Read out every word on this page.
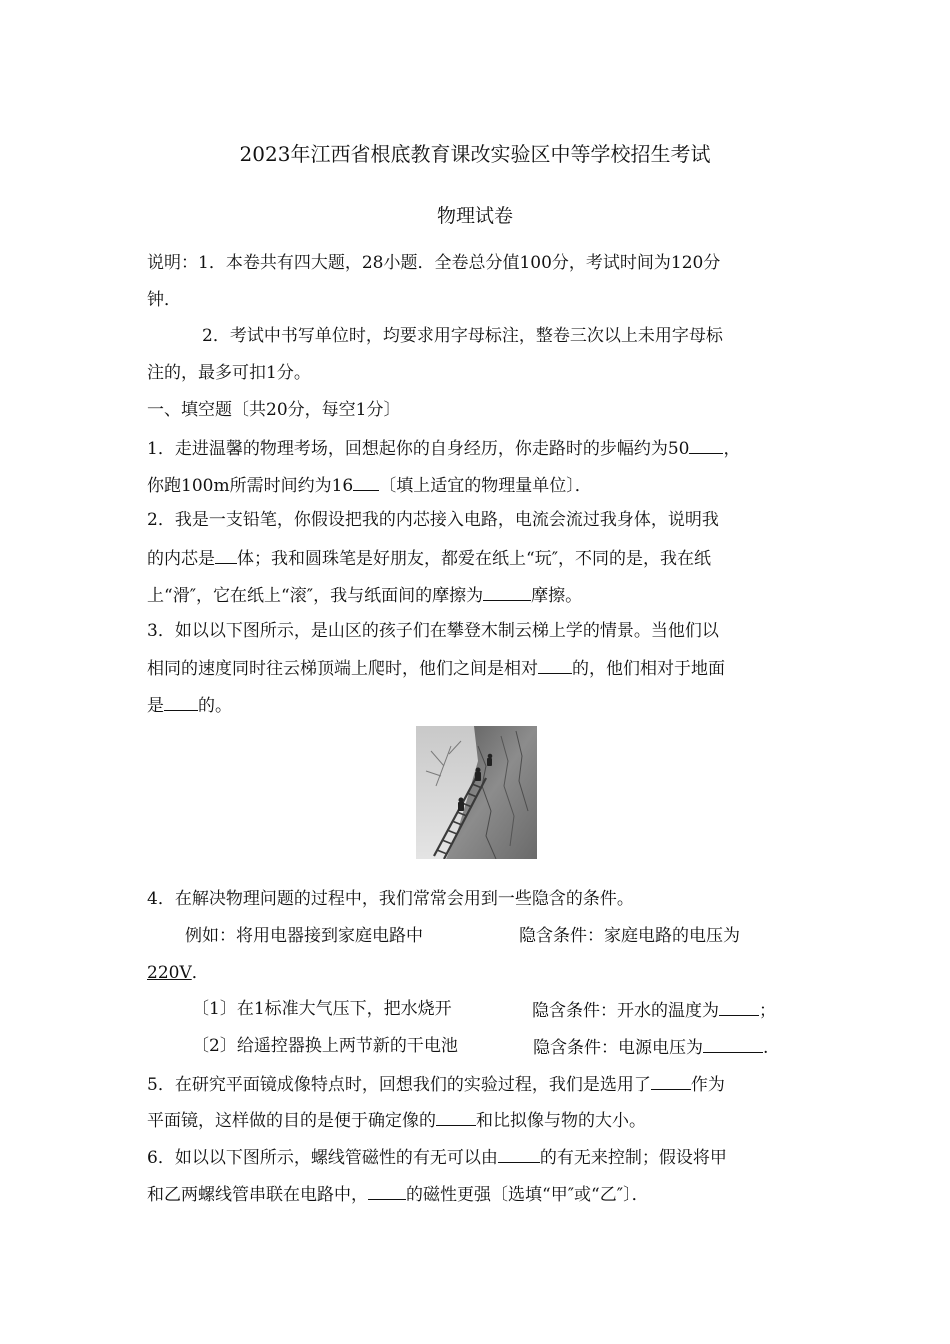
2023年江西省根底教育课改实验区中等学校招生考试
物理试卷
说明：1．本卷共有四大题，28小题．全卷总分值100分，考试时间为120分
钟．
2．考试中书写单位时，均要求用字母标注，整卷三次以上未用字母标
注的，最多可扣1分。
一、填空题〔共20分，每空1分〕
1．走进温馨的物理考场，回想起你的自身经历，你走路时的步幅约为50 ，
你跑100m所需时间约为16 〔填上适宜的物理量单位〕．
2．我是一支铅笔，你假设把我的内芯接入电路，电流会流过我身体，说明我
的内芯是 体；我和圆珠笔是好朋友，都爱在纸上“玩″，不同的是，我在纸
上“滑″，它在纸上“滚″，我与纸面间的摩擦为	摩擦。
3．如以以下图所示，是山区的孩子们在攀登木制云梯上学的情景。当他们以
相同的速度同时往云梯顶端上爬时，他们之间是相对 的，他们相对于地面
是 的。
4．在解决物理问题的过程中，我们常常会用到一些隐含的条件。
例如：将用电器接到家庭电路中	隐含条件：家庭电路的电压为
220V．
〔1〕在1标准大气压下，把水烧开	隐含条件：开水的温度为 ；
〔2〕给遥控器换上两节新的干电池	隐含条件：电源电压为	.
5．在研究平面镜成像特点时，回想我们的实验过程，我们是选用了 作为
平面镜，这样做的目的是便于确定像的 和比拟像与物的大小。
6．如以以下图所示，螺线管磁性的有无可以由 的有无来控制；假设将甲
和乙两螺线管串联在电路中， 的磁性更强〔选填“甲″或“乙″〕．
